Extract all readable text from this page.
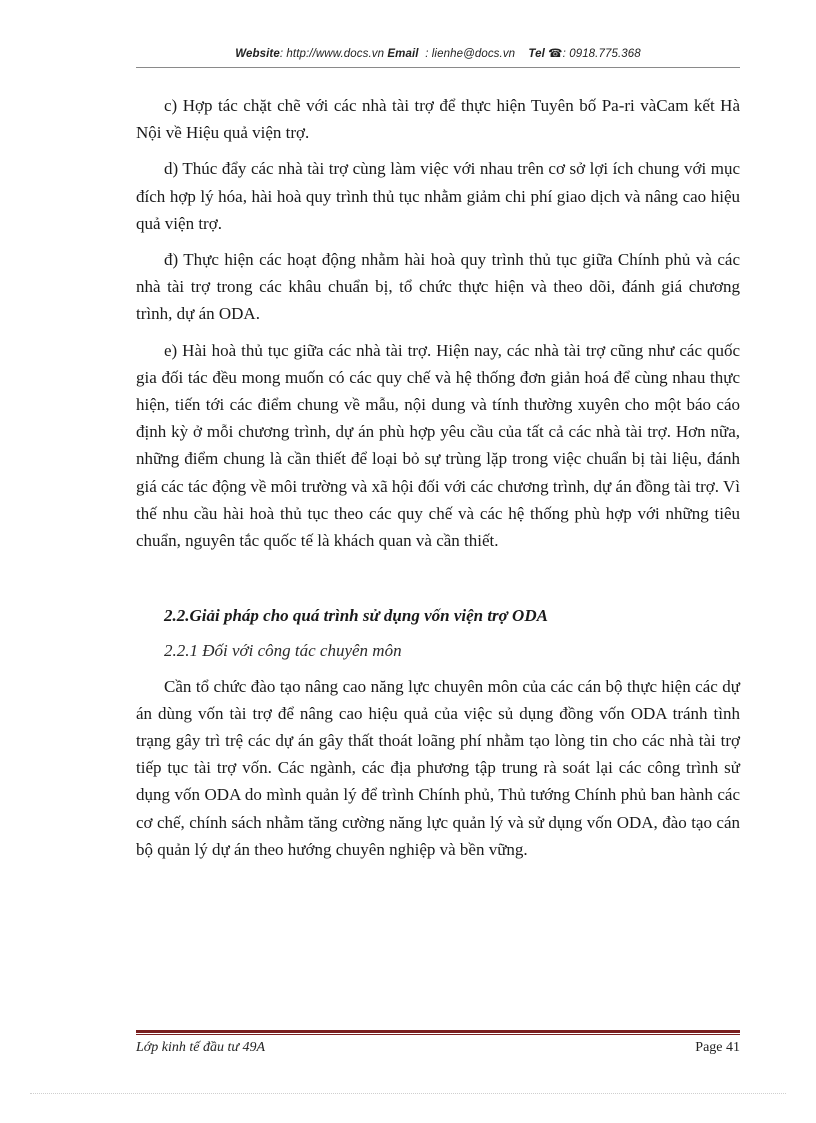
Website: http://www.docs.vn Email : lienhe@docs.vn Tel ☎: 0918.775.368

c) Hợp tác chặt chẽ với các nhà tài trợ để thực hiện Tuyên bố Pa-ri vàCam kết Hà Nội về Hiệu quả viện trợ.

d) Thúc đẩy các nhà tài trợ cùng làm việc với nhau trên cơ sở lợi ích chung với mục đích hợp lý hóa, hài hoà quy trình thủ tục nhằm giảm chi phí giao dịch và nâng cao hiệu quả viện trợ.

đ) Thực hiện các hoạt động nhằm hài hoà quy trình thủ tục giữa Chính phủ và các nhà tài trợ trong các khâu chuẩn bị, tổ chức thực hiện và theo dõi, đánh giá chương trình, dự án ODA.

e) Hài hoà thủ tục giữa các nhà tài trợ. Hiện nay, các nhà tài trợ cũng như các quốc gia đối tác đều mong muốn có các quy chế và hệ thống đơn giản hoá để cùng nhau thực hiện, tiến tới các điểm chung về mẫu, nội dung và tính thường xuyên cho một báo cáo định kỳ ở mỗi chương trình, dự án phù hợp yêu cầu của tất cả các nhà tài trợ. Hơn nữa, những điểm chung là cần thiết để loại bỏ sự trùng lặp trong việc chuẩn bị tài liệu, đánh giá các tác động về môi trường và xã hội đối với các chương trình, dự án đồng tài trợ. Vì thế nhu cầu hài hoà thủ tục theo các quy chế và các hệ thống phù hợp với những tiêu chuẩn, nguyên tắc quốc tế là khách quan và cần thiết.

2.2.Giải pháp cho quá trình sử dụng vốn viện trợ ODA
2.2.1 Đối với công tác chuyên môn

Cần tổ chức đào tạo nâng cao năng lực chuyên môn của các cán bộ thực hiện các dự án dùng vốn tài trợ để nâng cao hiệu quả của việc sủ dụng đồng vốn ODA tránh tình trạng gây trì trệ các dự án gây thất thoát loãng phí nhằm tạo lòng tin cho các nhà tài trợ tiếp tục tài trợ vốn. Các ngành, các địa phương tập trung rà soát lại các công trình sử dụng vốn ODA do mình quản lý để trình Chính phủ, Thủ tướng Chính phủ ban hành các cơ chế, chính sách nhằm tăng cường năng lực quản lý và sử dụng vốn ODA, đào tạo cán bộ quản lý dự án theo hướng chuyên nghiệp và bền vững.

Lớp kinh tế đầu tư 49A	Page 41
